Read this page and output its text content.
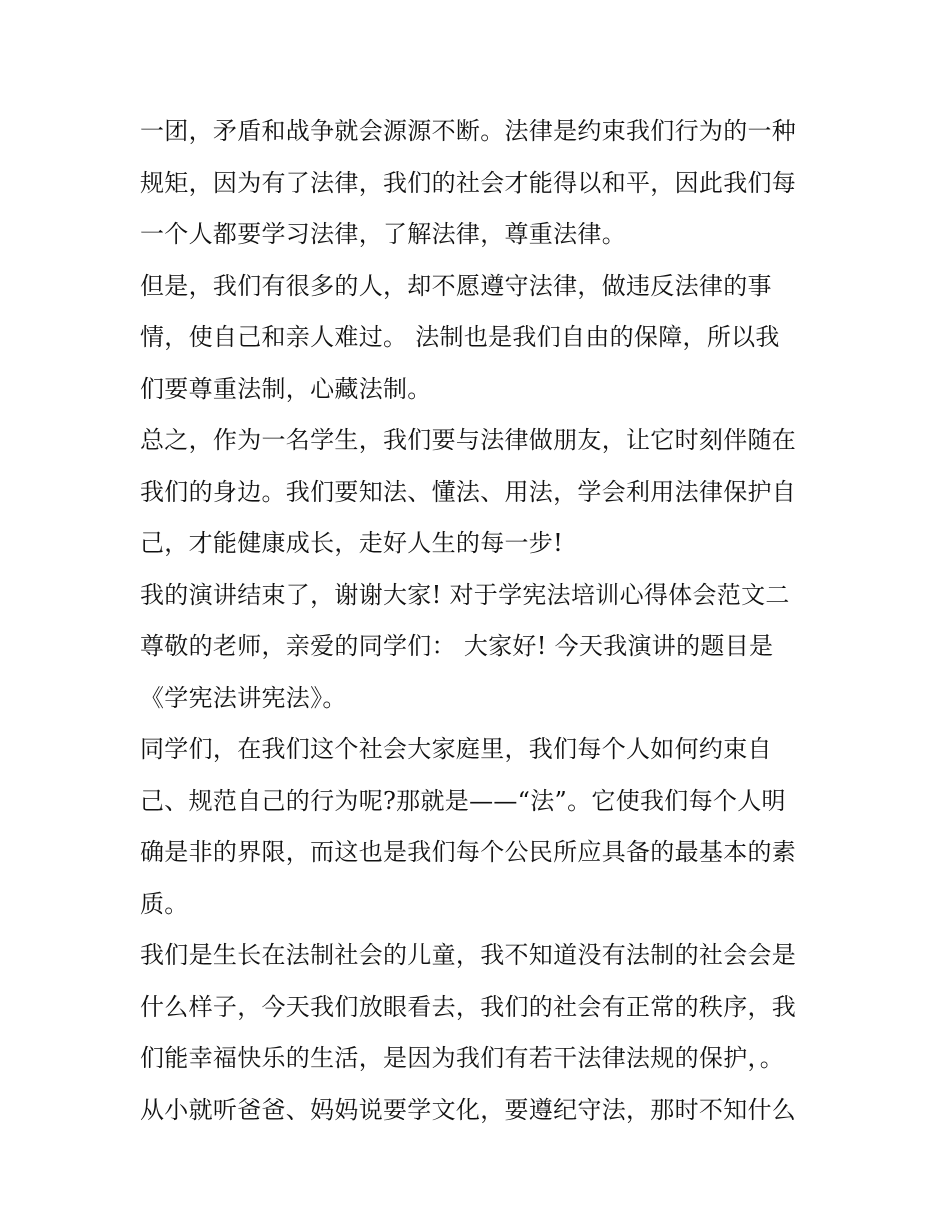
一团，矛盾和战争就会源源不断。法律是约束我们行为的一种
规矩，因为有了法律，我们的社会才能得以和平，因此我们每
一个人都要学习法律，了解法律，尊重法律。
但是，我们有很多的人，却不愿遵守法律，做违反法律的事
情，使自己和亲人难过。 法制也是我们自由的保障，所以我
们要尊重法制，心藏法制。
总之，作为一名学生，我们要与法律做朋友，让它时刻伴随在
我们的身边。我们要知法、懂法、用法，学会利用法律保护自
己，才能健康成长，走好人生的每一步!
我的演讲结束了，谢谢大家! 对于学宪法培训心得体会范文二
尊敬的老师，亲爱的同学们： 大家好! 今天我演讲的题目是
《学宪法讲宪法》。
同学们，在我们这个社会大家庭里，我们每个人如何约束自
己、规范自己的行为呢?那就是——“法”。它使我们每个人明
确是非的界限，而这也是我们每个公民所应具备的最基本的素
质。
我们是生长在法制社会的儿童，我不知道没有法制的社会会是
什么样子，今天我们放眼看去，我们的社会有正常的秩序，我
们能幸福快乐的生活，是因为我们有若干法律法规的保护，。
从小就听爸爸、妈妈说要学文化，要遵纪守法，那时不知什么
